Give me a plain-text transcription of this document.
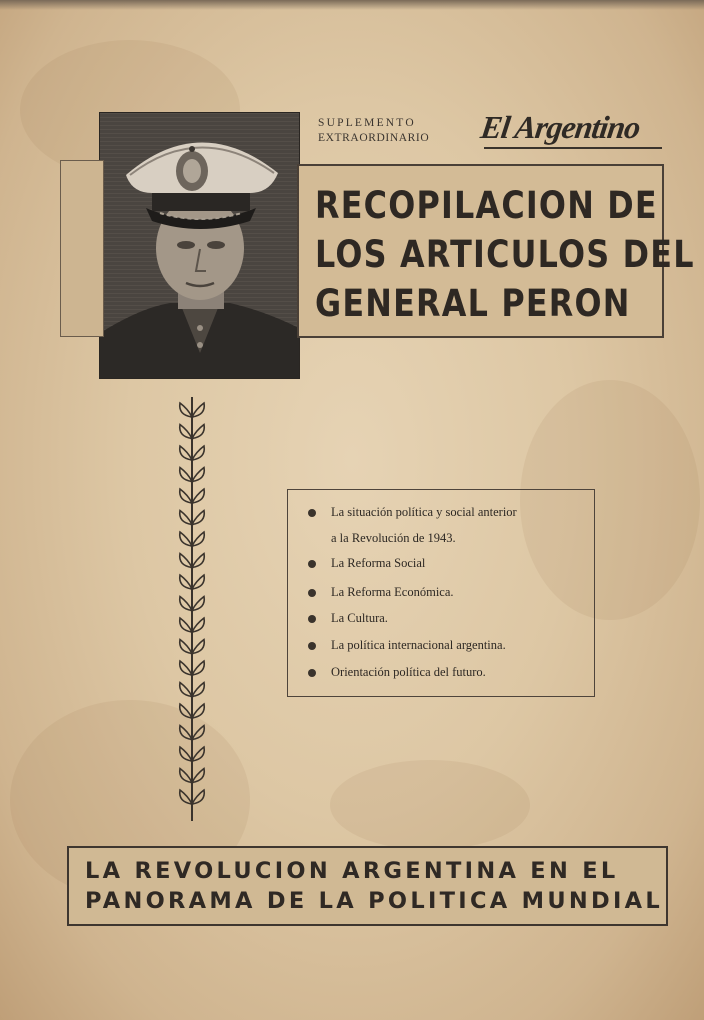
SUPLEMENTO
EXTRAORDINARIO El Argentino
RECOPILACION DE
LOS ARTICULOS DEL
GENERAL PERON
La situación política y social anterior
a la Revolución de 1943.
La Reforma Social
La Reforma Económica.
La Cultura.
La política internacional argentina.
Orientación política del futuro.
LA REVOLUCION ARGENTINA EN EL
PANORAMA DE LA POLITICA MUNDIAL
